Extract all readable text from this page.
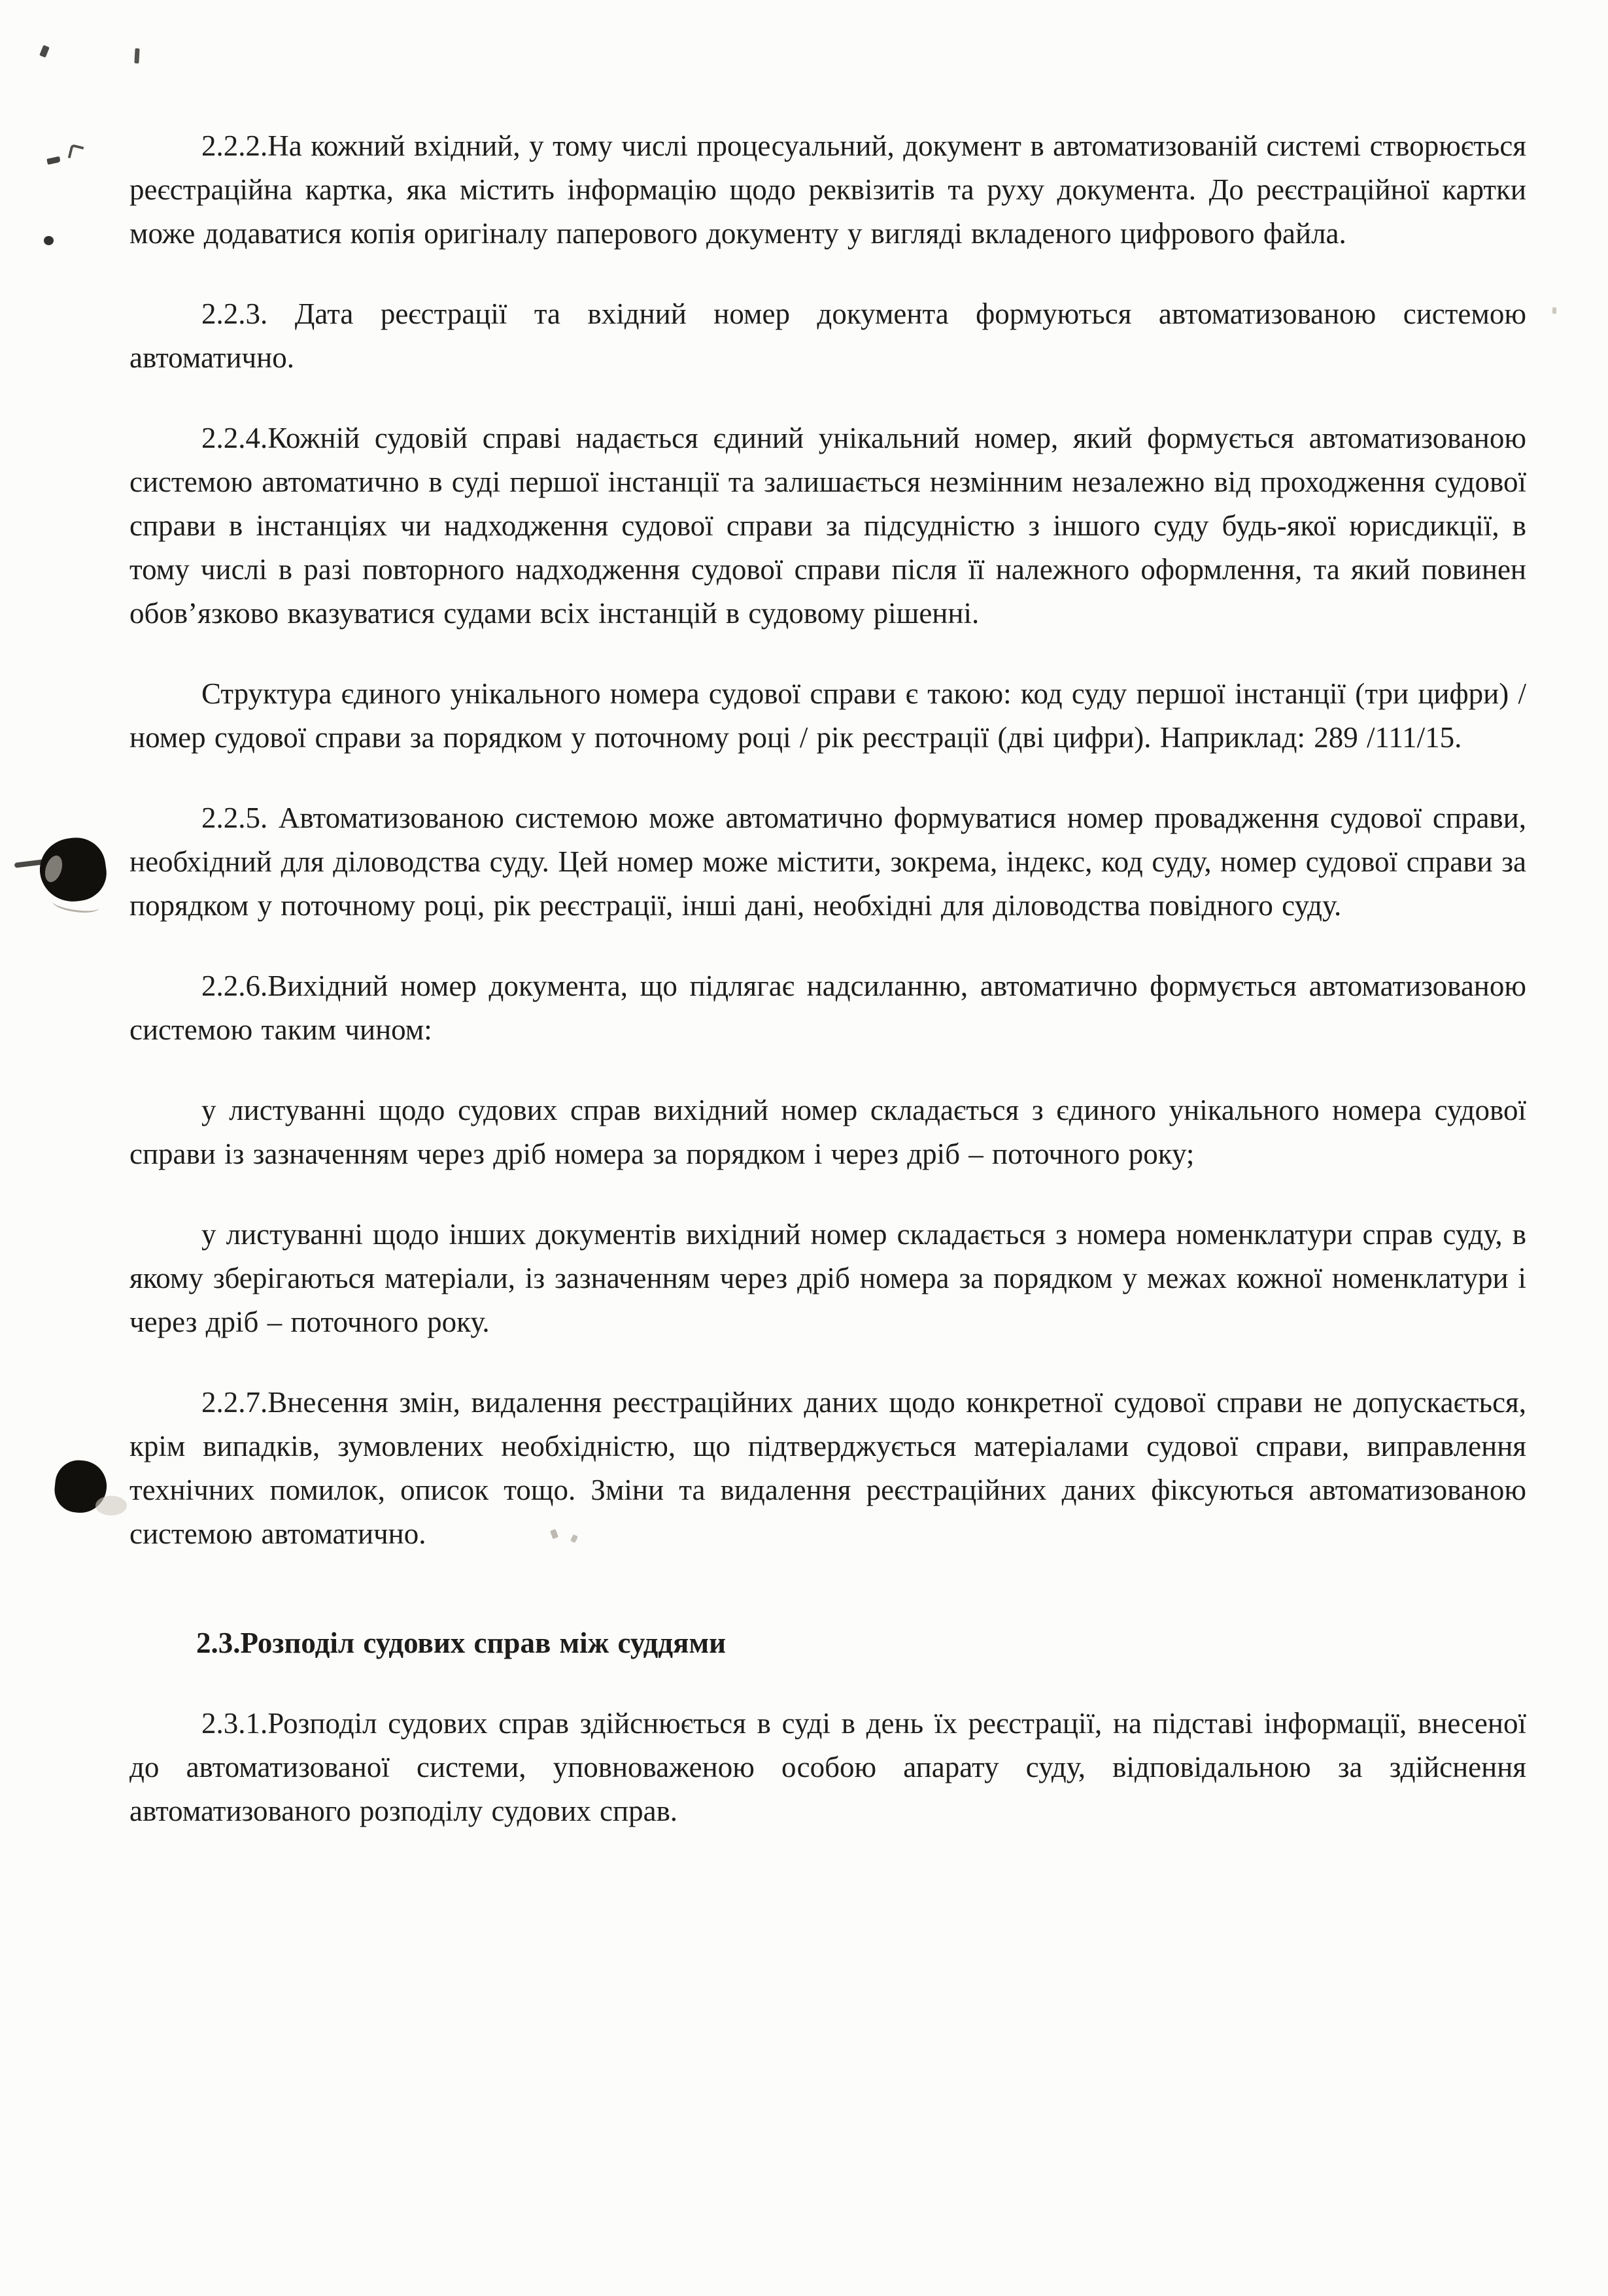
2.2.2.На кожний вхідний, у тому числі процесуальний, документ в автоматизованій системі створюється реєстраційна картка, яка містить інформацію щодо реквізитів та руху документа. До реєстраційної картки може додаватися копія оригіналу паперового документу у вигляді вкладеного цифрового файла.

2.2.3. Дата реєстрації та вхідний номер документа формуються автоматизованою системою автоматично.

2.2.4.Кожній судовій справі надається єдиний унікальний номер, який формується автоматизованою системою автоматично в суді першої інстанції та залишається незмінним незалежно від проходження судової справи в інстанціях чи надходження судової справи за підсудністю з іншого суду будь-якої юрисдикції, в тому числі в разі повторного надходження судової справи після її належного оформлення, та який повинен обов’язково вказуватися судами всіх інстанцій в судовому рішенні.

Структура єдиного унікального номера судової справи є такою: код суду першої інстанції (три цифри) / номер судової справи за порядком у поточному році / рік реєстрації (дві цифри). Наприклад: 289 /111/15.

2.2.5. Автоматизованою системою може автоматично формуватися номер провадження судової справи, необхідний для діловодства суду. Цей номер може містити, зокрема, індекс, код суду, номер судової справи за порядком у поточному році, рік реєстрації, інші дані, необхідні для діловодства повідного суду.

2.2.6.Вихідний номер документа, що підлягає надсиланню, автоматично формується автоматизованою системою таким чином:

у листуванні щодо судових справ вихідний номер складається з єдиного унікального номера судової справи із зазначенням через дріб номера за порядком і через дріб – поточного року;

у листуванні щодо інших документів вихідний номер складається з номера номенклатури справ суду, в якому зберігаються матеріали, із зазначенням через дріб номера за порядком у межах кожної номенклатури і через дріб – поточного року.

2.2.7.Внесення змін, видалення реєстраційних даних щодо конкретної судової справи не допускається, крім випадків, зумовлених необхідністю, що підтверджується матеріалами судової справи, виправлення технічних помилок, описок тощо. Зміни та видалення реєстраційних даних фіксуються автоматизованою системою автоматично.

2.3.Розподіл судових справ між суддями

2.3.1.Розподіл судових справ здійснюється в суді в день їх реєстрації, на підставі інформації, внесеної до автоматизованої системи, уповноваженою особою апарату суду, відповідальною за здійснення автоматизованого розподілу судових справ.
